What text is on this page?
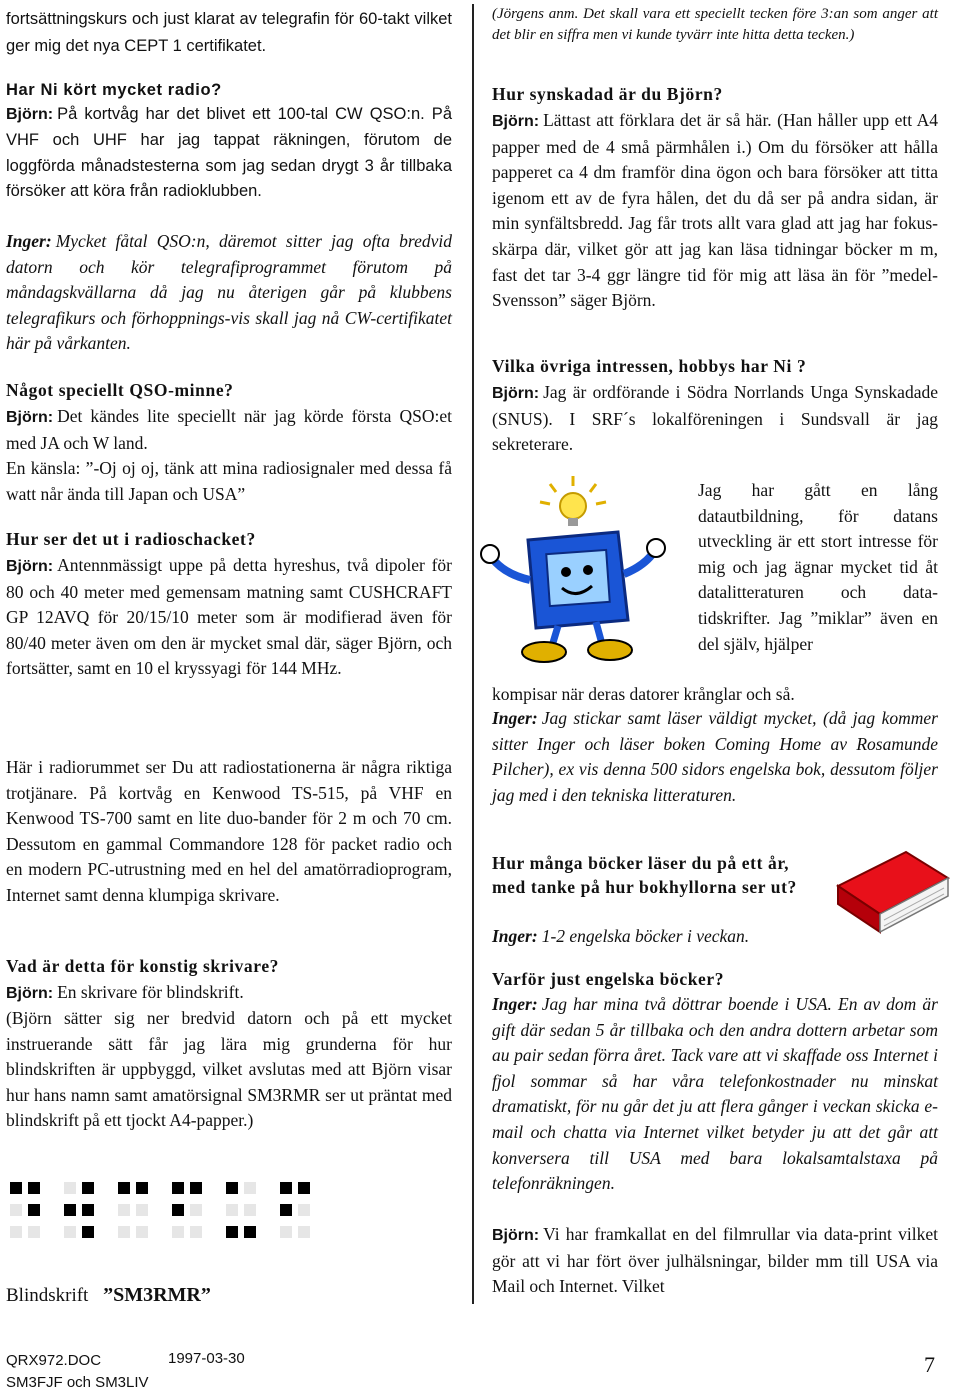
fortsättningskurs och just klarat av telegrafin för 60-takt vilket ger mig det nya CEPT 1 certifikatet.

Har Ni kört mycket radio?

Björn: På kortvåg har det blivet ett 100-tal CW QSO:n. På VHF och UHF har jag tappat räkningen, förutom de loggförda månadstesterna som jag sedan drygt 3 år tillbaka försöker att köra från radioklubben.

Inger: Mycket fåtal QSO:n, däremot sitter jag ofta bredvid datorn och kör telegrafiprogrammet förutom på måndagskvällarna då jag nu återigen går på klubbens telegrafikurs och förhoppnings-vis skall jag nå CW-certifikatet här på vårkanten.

Något speciellt QSO-minne?

Björn: Det kändes lite speciellt när jag körde första QSO:et med JA och W land.

En känsla: ”-Oj oj oj, tänk att mina radiosignaler med dessa få watt når ända till Japan och USA”

Hur ser det ut i radioschacket?

Björn: Antennmässigt uppe på detta hyreshus, två dipoler för 80 och 40 meter med gemensam matning samt CUSHCRAFT GP 12AVQ för 20/15/10 meter som är modifierad även för 80/40 meter även om den är mycket smal där, säger Björn, och fortsätter, samt en 10 el kryssyagi för 144 MHz.

Här i radiorummet ser Du att radiostationerna är några riktiga trotjänare. På kortvåg en Kenwood TS-515, på VHF en Kenwood TS-700 samt en lite duo-bander för 2 m och 70 cm. Dessutom en gammal Commandore 128 för packet radio och en modern PC-utrustning med en hel del amatörradioprogram, Internet samt denna klumpiga skrivare.

Vad är detta för konstig skrivare?

Björn: En skrivare för blindskrift.

(Björn sätter sig ner bredvid datorn och på ett mycket instruerande sätt får jag lära mig grunderna för hur blindskriften är uppbyggd, vilket avslutas med att Björn visar hur hans namn samt amatörsignal SM3RMR ser ut präntat med blindskrift på ett tjockt A4-papper.)

Blindskrift ”SM3RMR”

(Jörgens anm. Det skall vara ett speciellt tecken före 3:an som anger att det blir en siffra men vi kunde tyvärr inte hitta detta tecken.)

Hur synskadad är du Björn?

Björn: Lättast att förklara det är så här. (Han håller upp ett A4 papper med de 4 små pärmhålen i.) Om du försöker att hålla papperet ca 4 dm framför dina ögon och bara försöker att titta igenom ett av de fyra hålen, det du då ser på andra sidan, är min synfältsbredd. Jag får trots allt vara glad att jag har fokus-skärpa där, vilket gör att jag kan läsa tidningar böcker m m, fast det tar 3-4 ggr längre tid för mig att läsa än för ”medel-Svensson” säger Björn.

Vilka övriga intressen, hobbys har Ni ?

Björn: Jag är ordförande i Södra Norrlands Unga Synskadade (SNUS). I SRF´s lokalföreningen i Sundsvall är jag sekreterare.

Jag har gått en lång datautbildning, för datans utveckling är ett stort intresse för mig och jag ägnar mycket tid åt datalitteraturen och data-tidskrifter. Jag ”miklar” även en del själv, hjälper

kompisar när deras datorer krånglar och så.

Inger: Jag stickar samt läser väldigt mycket, (då jag kommer sitter Inger och läser boken Coming Home av Rosamunde Pilcher), ex vis denna 500 sidors engelska bok, dessutom följer jag med i den tekniska litteraturen.

Hur många böcker läser du på ett år, med tanke på hur bokhyllorna ser ut?

Inger: 1-2 engelska böcker i veckan.

Varför just engelska böcker?

Inger: Jag har mina två döttrar boende i USA. En av dom är gift där sedan 5 år tillbaka och den andra dottern arbetar som au pair sedan förra året. Tack vare att vi skaffade oss Internet i fjol sommar så har våra telefonkostnader nu minskat dramatiskt, för nu går det ju att flera gånger i veckan skicka e-mail och chatta via Internet vilket betyder ju att det går att konversera till USA med bara lokalsamtalstaxa på telefonräkningen.

Björn: Vi har framkallat en del filmrullar via data-print vilket gör att vi har fört över julhälsningar, bilder mm till USA via Mail och Internet. Vilket

QRX972.DOC
SM3FJF och SM3LIV
1997-03-30	7
